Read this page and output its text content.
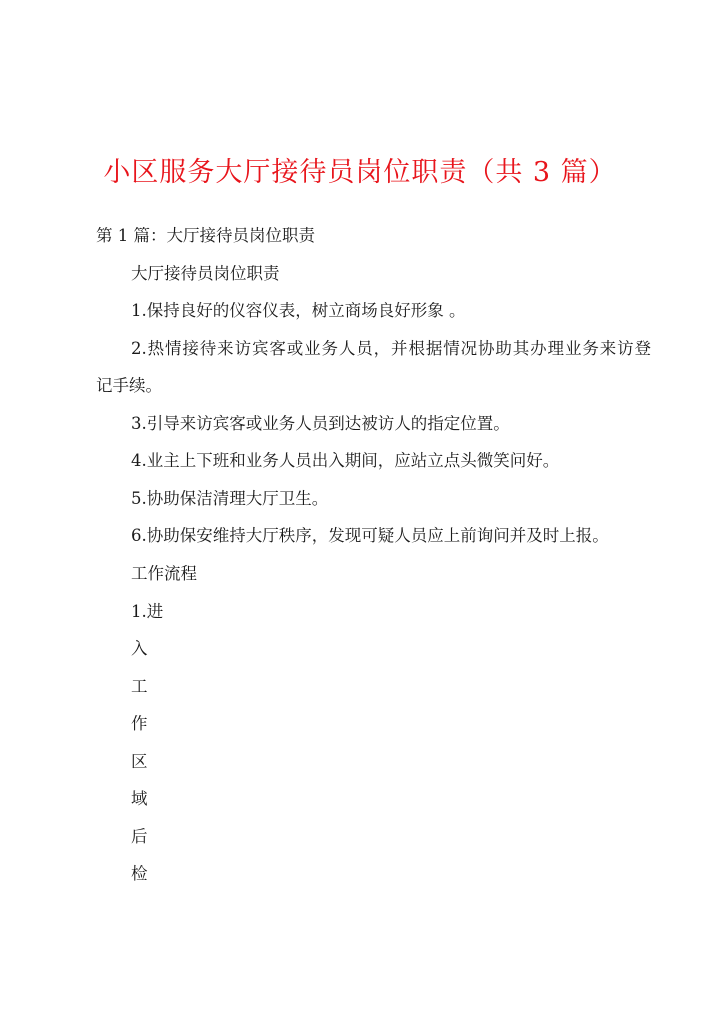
小区服务大厅接待员岗位职责（共 3 篇）
第 1 篇：大厅接待员岗位职责
大厅接待员岗位职责
1.保持良好的仪容仪表，树立商场良好形象 。
2.热情接待来访宾客或业务人员，并根据情况协助其办理业务来访登
记手续。
3.引导来访宾客或业务人员到达被访人的指定位置。
4.业主上下班和业务人员出入期间，应站立点头微笑问好。
5.协助保洁清理大厅卫生。
6.协助保安维持大厅秩序，发现可疑人员应上前询问并及时上报。
工作流程
1.进
入
工
作
区
域
后
检
